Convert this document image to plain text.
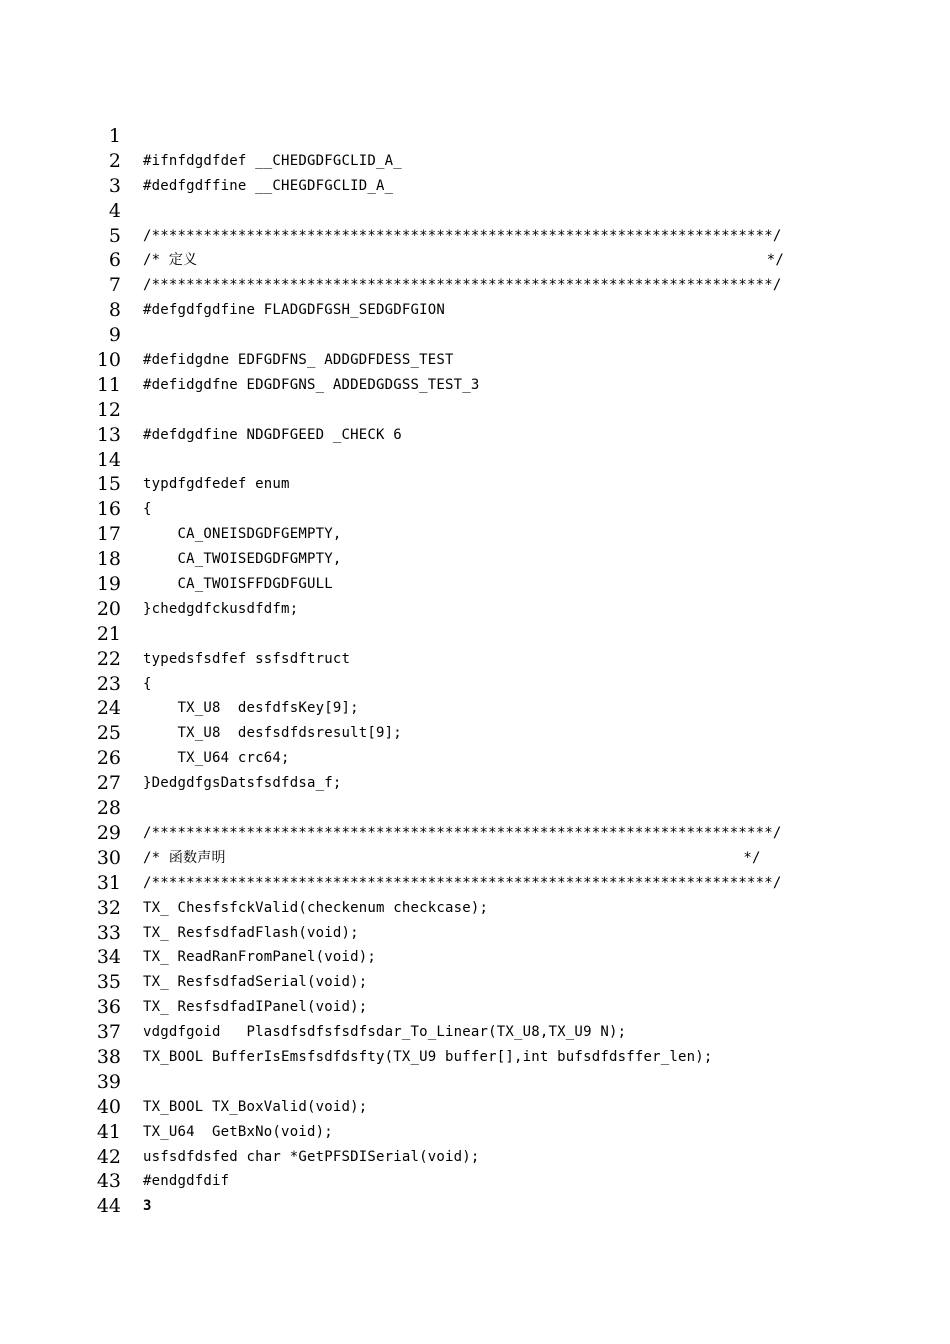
1
2 #ifnfdgdfdef __CHEDGDFGCLID_A_
3 #dedfgdffine __CHEGDFGCLID_A_
4
5 /************************************************************************/
6 /* 定义                                                                  */
7 /************************************************************************/
8 #defgdfgdfine FLADGDFGSH_SEDGDFGION
9
10 #defidgdne EDFGDFNS_ ADDGDFDESS_TEST
11 #defidgdfne EDGDFGNS_ ADDEDGDGSS_TEST_3
12
13 #defdgdfine NDGDFGEED _CHECK 6
14
15 typdfgdfedef enum
16 {
17 CA_ONEISDGDFGEMPTY,
18 CA_TWOISEDGDFGMPTY,
19 CA_TWOISFFDGDFGULL
20 }chedgdfckusdfdfm;
21
22 typedsfsdfef ssfsdftruct
23 {
24 TX_U8  desfdfsKey[9];
25 TX_U8  desfsdfdsresult[9];
26 TX_U64 crc64;
27 }DedgdfgsDatsfsdfdsa_f;
28
29 /************************************************************************/
30 /* 函数声明                                                            */
31 /************************************************************************/
32 TX_ ChesfsfckValid(checkenum checkcase);
33 TX_ ResfsdfadFlash(void);
34 TX_ ReadRanFromPanel(void);
35 TX_ ResfsdfadSerial(void);
36 TX_ ResfsdfadIPanel(void);
37 vdgdfgoid   Plasdfsdfsfsdfsdar_To_Linear(TX_U8,TX_U9 N);
38 TX_BOOL BufferIsEmsfsdfdsfty(TX_U9 buffer[],int bufsdfdsffer_len);
39
40 TX_BOOL TX_BoxValid(void);
41 TX_U64  GetBxNo(void);
42 usfsdfdsfed char *GetPFSDISerial(void);
43 #endgdfdif
44 3
